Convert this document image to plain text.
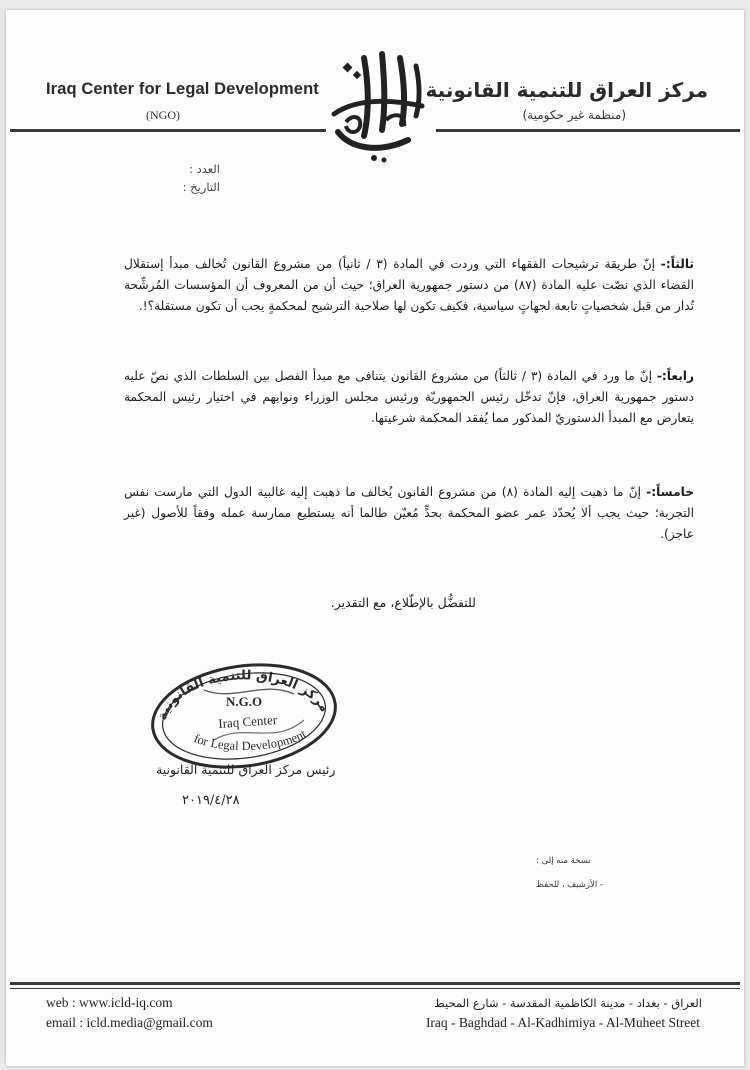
Iraq Center for Legal Development
(NGO)
مركز العراق للتنمية القانونية
(منظمة غير حكومية)
العدد :
التاريخ :
ثالثاً:- إنّ طريقة ترشيحات الفقهاء التي وردت في المادة (٣ / ثانياً) من مشروع القانون تُخالف مبدأ إستقلال القضاء الذي نصّت عليه المادة (٨٧) من دستور جمهورية العراق؛ حيث أن من المعروف أن المؤسسات المُرشِّحة تُدار من قبل شخصياتٍ تابعة لجهاتٍ سياسية، فكيف تكون لها صلاحية الترشيح لمحكمةٍ يجب أن تكون مستقلة؟!.
رابعاً:- إنّ ما ورد في المادة (٣ / ثالثاً) من مشروع القانون يتنافى مع مبدأ الفصل بين السلطات الذي نصّ عليه دستور جمهورية العراق، فإنّ تدخّل رئيس الجمهوريّة ورئيس مجلس الوزراء ونوابهم في اختيار رئيس المحكمة يتعارض مع المبدأ الدستوريّ المذكور مما يُفقد المحكمة شرعيتها.
خامساً:- إنّ ما ذهبت إليه المادة (٨) من مشروع القانون يُخالف ما ذهبت إليه غالبية الدول التي مارست نفس التجربة؛ حيث يجب ألا يُحدّد عمر عضو المحكمة بحدٍّ مُعيّن طالما أنه يستطيع ممارسة عمله وفقاً للأصول (غير عاجز).
للتفضُّل بالإطّلاع، مع التقدير.
مركز العراق للتنمية القانونية
N.G.O
Iraq Center
for Legal Development
رئيس مركز العراق للتنمية القانونية
٢٠١٩/٤/٢٨
نسخة منه إلى :
- الأرشيف ، للحفظ
web : www.icld-iq.com
email : icld.media@gmail.com
العراق - بغداد - مدينة الكاظمية المقدسة - شارع المحيط
Iraq - Baghdad - Al-Kadhimiya - Al-Muheet Street
